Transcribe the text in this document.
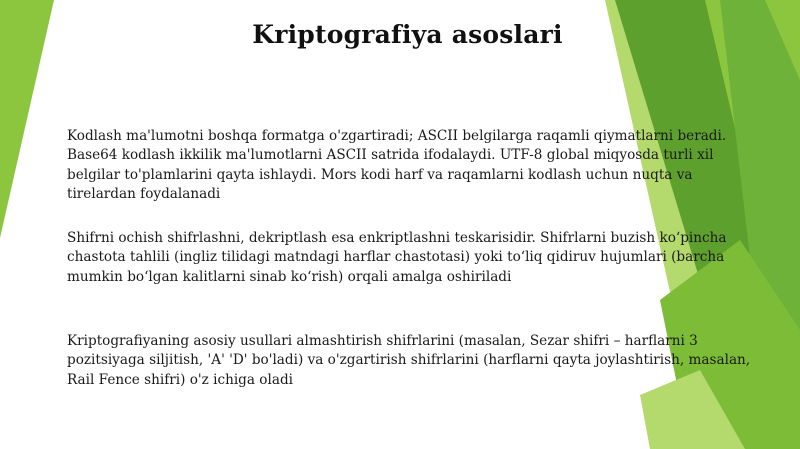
Kriptografiya asoslari

Kodlash ma'lumotni boshqa formatga o'zgartiradi; ASCII belgilarga raqamli qiymatlarni beradi. Base64 kodlash ikkilik ma'lumotlarni ASCII satrida ifodalaydi. UTF-8 global miqyosda turli xil belgilar to'plamlarini qayta ishlaydi. Mors kodi harf va raqamlarni kodlash uchun nuqta va tirelardan foydalanadi

Shifrni ochish shifrlashni, dekriptlash esa enkriptlashni teskarisidir. Shifrlarni buzish ko‘pincha chastota tahlili (ingliz tilidagi matndagi harflar chastotasi) yoki to‘liq qidiruv hujumlari (barcha mumkin bo‘lgan kalitlarni sinab ko‘rish) orqali amalga oshiriladi

Kriptografiyaning asosiy usullari almashtirish shifrlarini (masalan, Sezar shifri – harflarni 3 pozitsiyaga siljitish, 'A' 'D' bo'ladi) va o'zgartirish shifrlarini (harflarni qayta joylashtirish, masalan, Rail Fence shifri) o'z ichiga oladi
